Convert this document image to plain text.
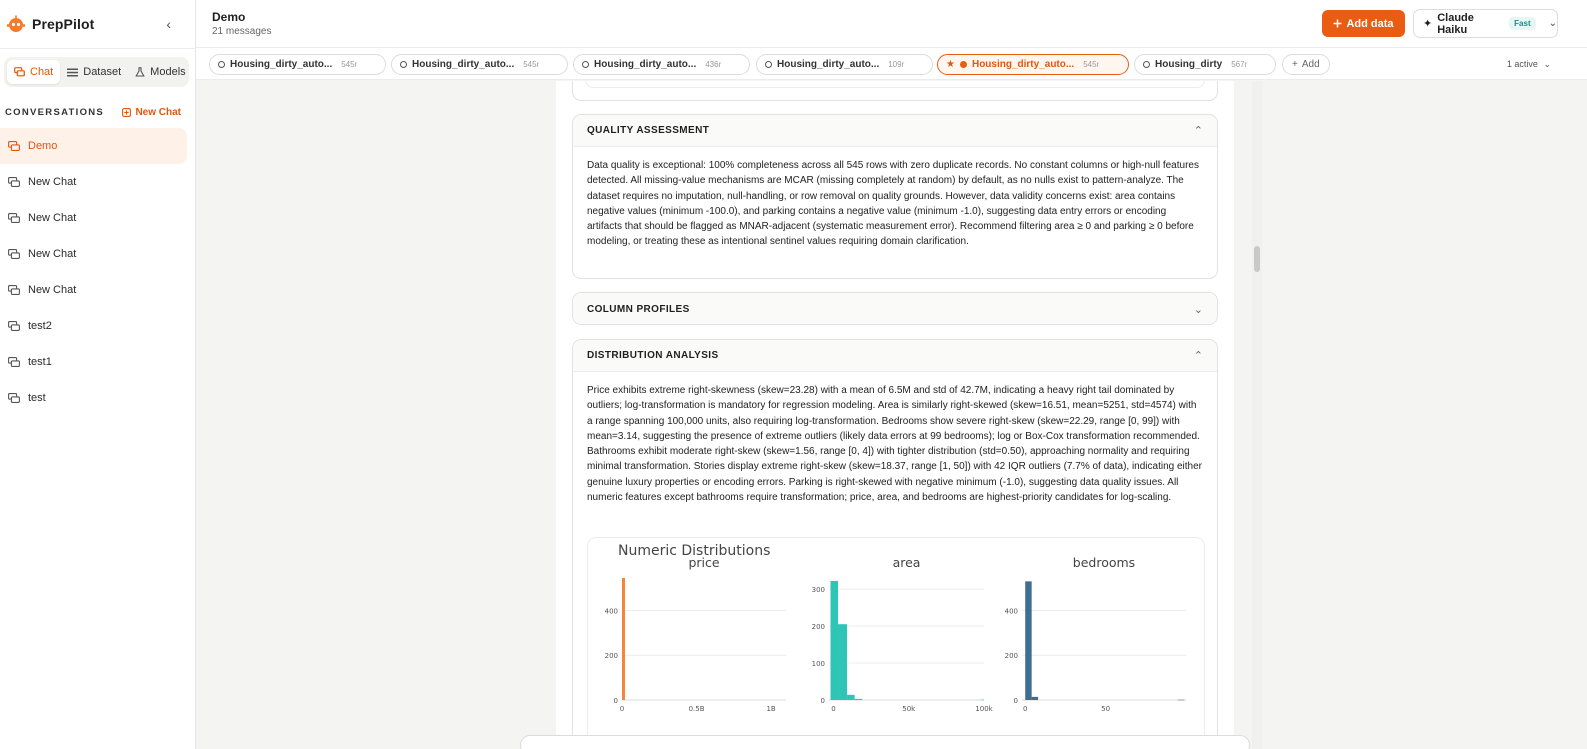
PrepPilot	‹
Chat	Dataset	Models
CONVERSATIONS	New Chat
Demo
New Chat
New Chat
New Chat
New Chat
test2
test1
test
Demo
21 messages
Add data	✦
Claude Haiku	Fast	⌄
Housing_dirty_auto... 545r	Housing_dirty_auto... 545r	Housing_dirty_auto... 436r	Housing_dirty_auto... 109r	★ Housing_dirty_auto... 545r	Housing_dirty 567r	+ Add	1 active ⌄
QUALITY ASSESSMENT	⌃
Data quality is exceptional: 100% completeness across all 545 rows with zero duplicate records. No constant columns or high-null features detected. All missing-value mechanisms are MCAR (missing completely at random) by default, as no nulls exist to pattern-analyze. The dataset requires no imputation, null-handling, or row removal on quality grounds. However, data validity concerns exist: area contains negative values (minimum -100.0), and parking contains a negative value (minimum -1.0), suggesting data entry errors or encoding artifacts that should be flagged as MNAR-adjacent (systematic measurement error). Recommend filtering area ≥ 0 and parking ≥ 0 before modeling, or treating these as intentional sentinel values requiring domain clarification.
COLUMN PROFILES	⌄
DISTRIBUTION ANALYSIS	⌃
Price exhibits extreme right-skewness (skew=23.28) with a mean of 6.5M and std of 42.7M, indicating a heavy right tail dominated by outliers; log-transformation is mandatory for regression modeling. Area is similarly right-skewed (skew=16.51, mean=5251, std=4574) with a range spanning 100,000 units, also requiring log-transformation. Bedrooms show severe right-skew (skew=22.29, range [0, 99]) with mean=3.14, suggesting the presence of extreme outliers (likely data errors at 99 bedrooms); log or Box-Cox transformation recommended. Bathrooms exhibit moderate right-skew (skew=1.56, range [0, 4]) with tighter distribution (std=0.50), approaching normality and requiring minimal transformation. Stories display extreme right-skew (skew=18.37, range [1, 50]) with 42 IQR outliers (7.7% of data), indicating either genuine luxury properties or encoding errors. Parking is right-skewed with negative minimum (-1.0), suggesting data quality issues. All numeric features except bathrooms require transformation; price, area, and bedrooms are highest-priority candidates for log-scaling.
Numeric Distributions
price
0
200
400
0	0.5B	1B
area
0
100
200
300
0	50k	100k
bedrooms
0
200
400
0	50
